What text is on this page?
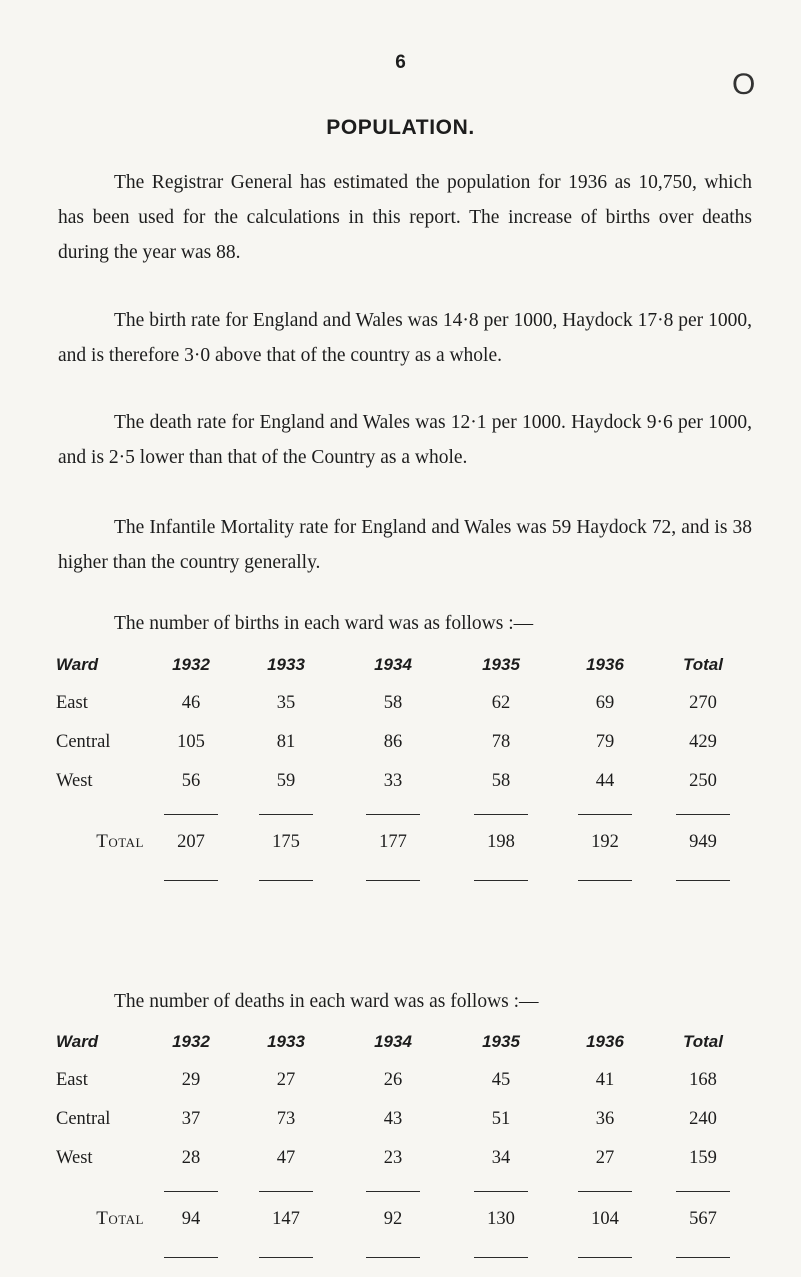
6
O
POPULATION.

The Registrar General has estimated the population for 1936 as 10,750, which has been used for the calculations in this report. The increase of births over deaths during the year was 88.

The birth rate for England and Wales was 14·8 per 1000, Haydock 17·8 per 1000, and is therefore 3·0 above that of the country as a whole.

The death rate for England and Wales was 12·1 per 1000. Haydock 9·6 per 1000, and is 2·5 lower than that of the Country as a whole.

The Infantile Mortality rate for England and Wales was 59 Haydock 72, and is 38 higher than the country generally.

The number of births in each ward was as follows :—
Ward	1932	1933	1934	1935	1936	Total
East	46	35	58	62	69	270
Central	105	81	86	78	79	429
West	56	59	33	58	44	250

Total	207	175	177	198	192	949

The number of deaths in each ward was as follows :—
Ward	1932	1933	1934	1935	1936	Total
East	29	27	26	45	41	168
Central	37	73	43	51	36	240
West	28	47	23	34	27	159

Total	94	147	92	130	104	567
